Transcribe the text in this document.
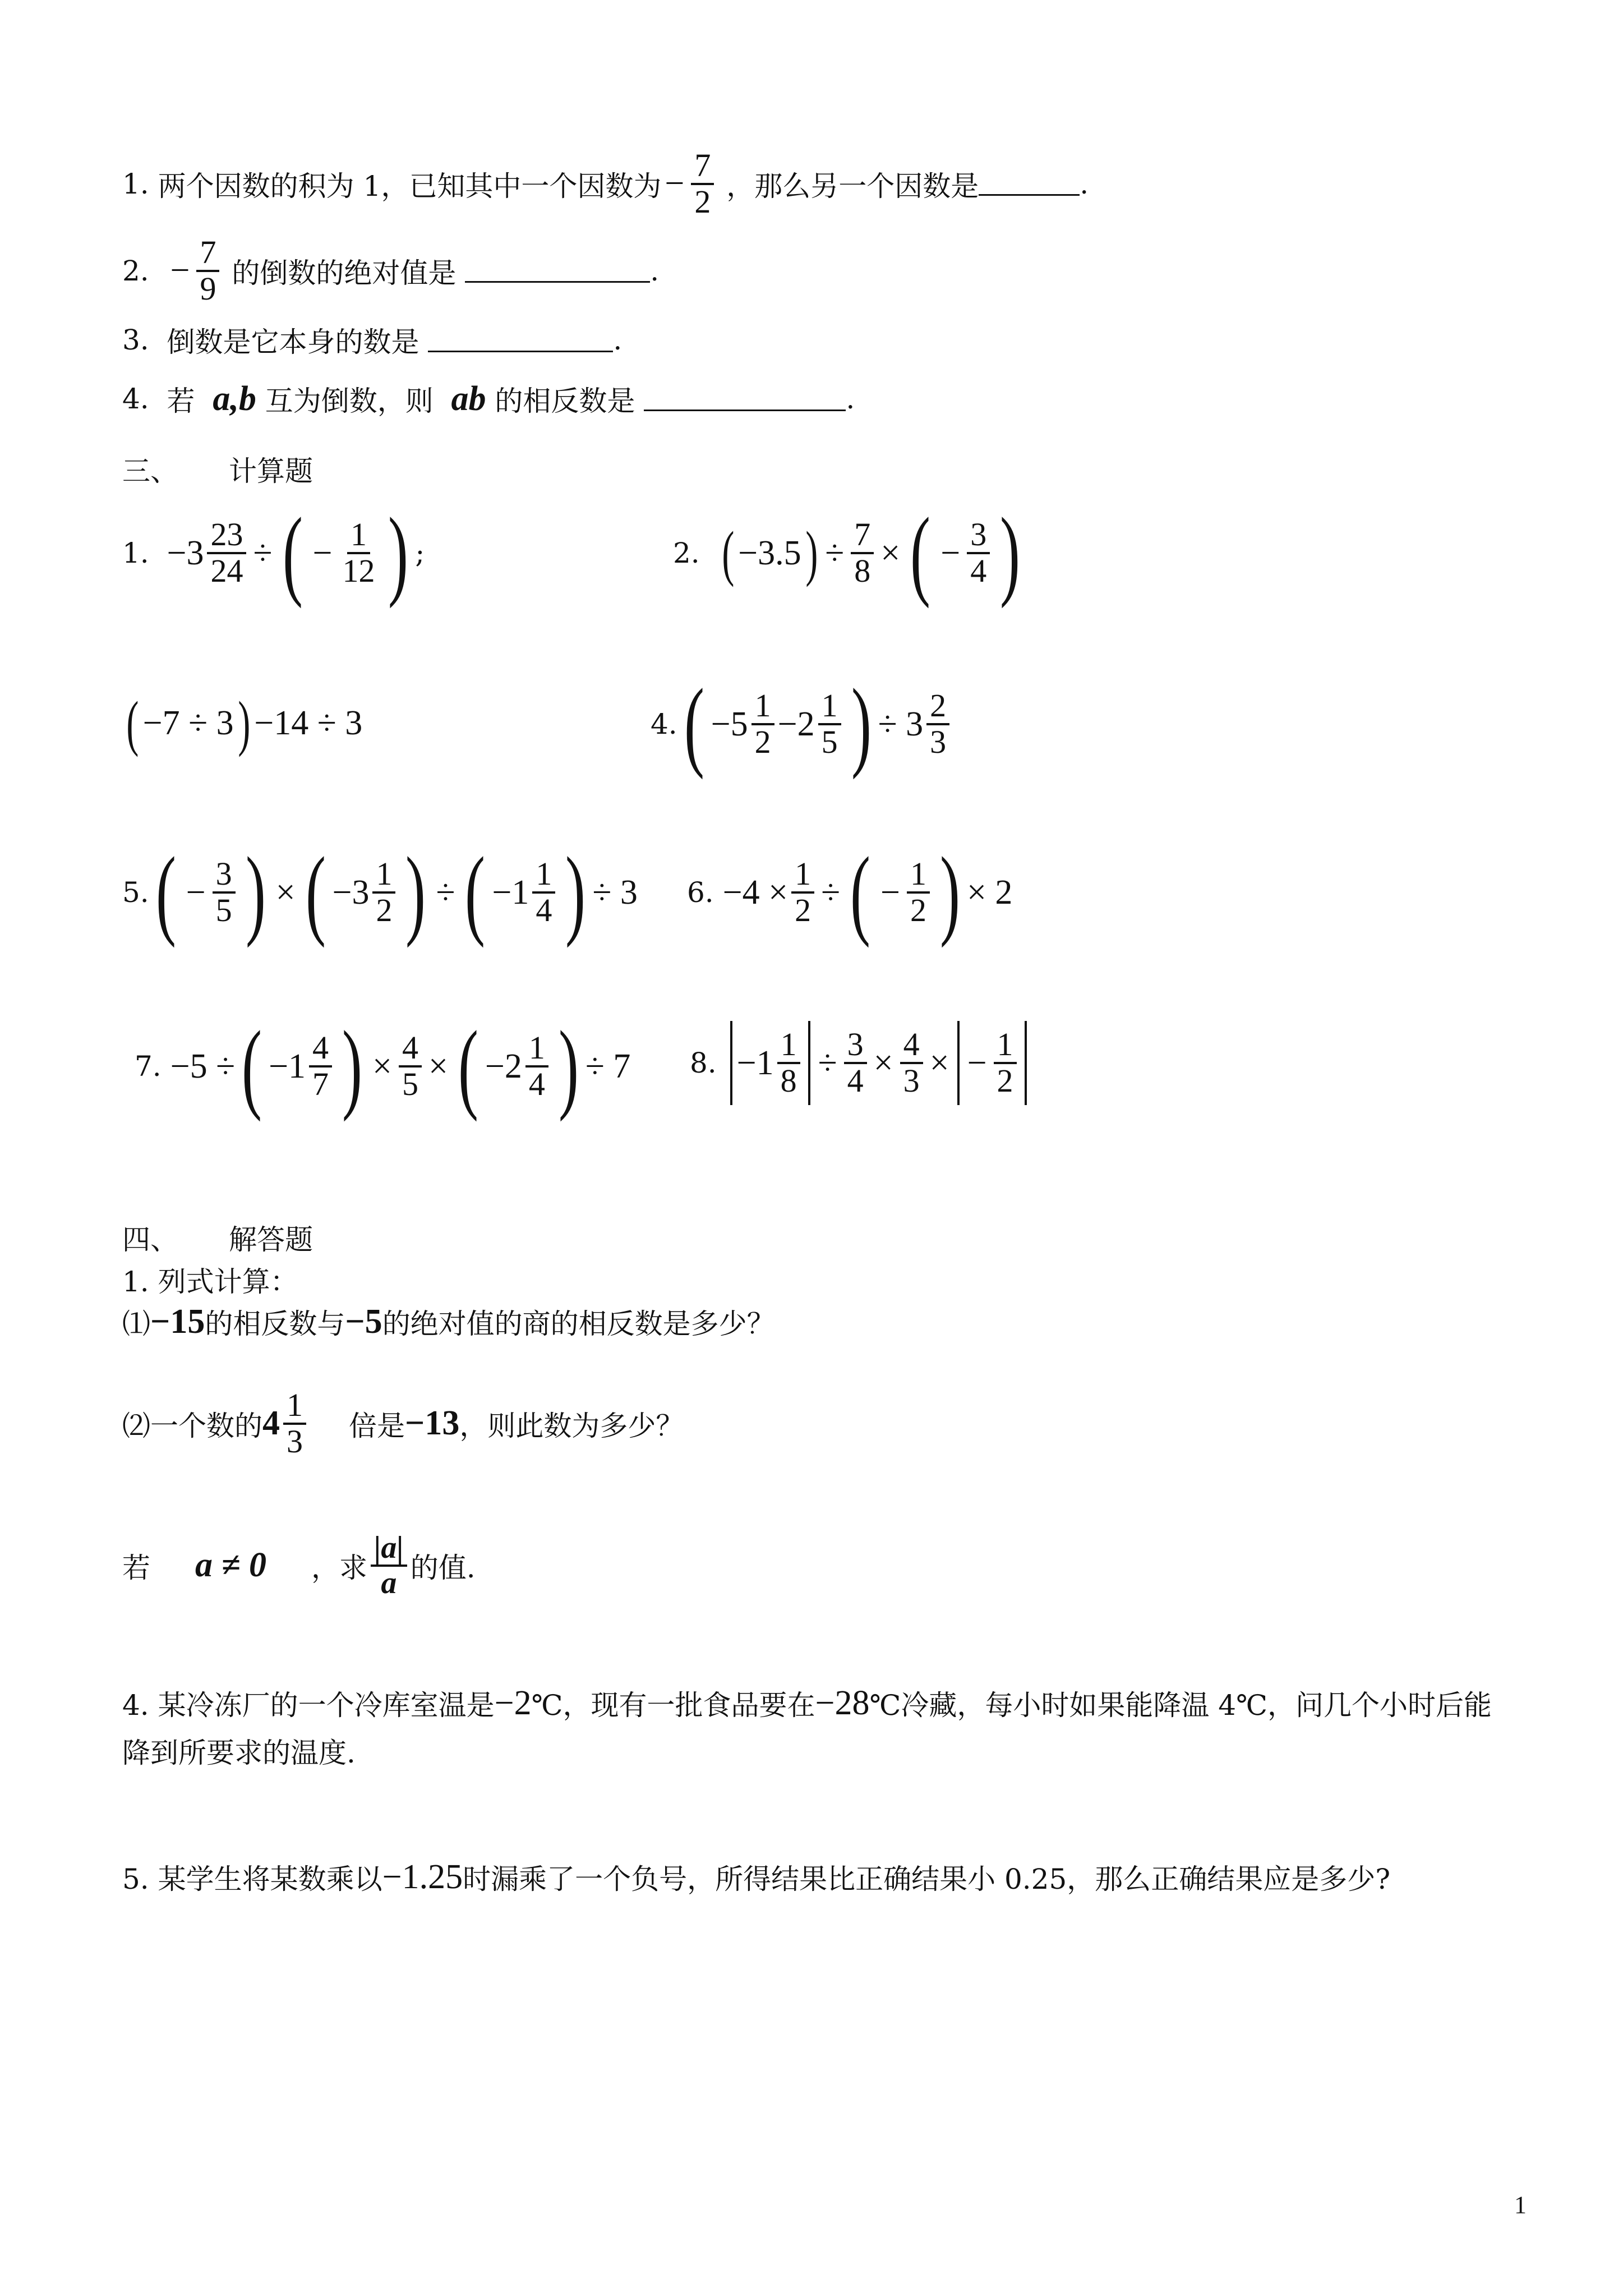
1.
两个因数的积为 1，已知其中一个因数为 − $\frac{7}{2}$
，那么另一个因数是	.
2.
− $\frac{7}{9}$
的倒数的绝对值是
	.
3.
倒数是它本身的数是
	.
4.
若
a,b
互为倒数，则
ab
的相反数是
	.
三、 计算题
1.
$-3 \frac{23}{24}$ ÷ ( − $\frac{1}{12}$ ) ;	2.
( −3.5 ) ÷ $\frac{7}{8}$ × ( − $\frac{3}{4}$ )
( −7 ÷ 3 ) −14 ÷ 3	4. ( −5 1
2 −2 1
5 ) ÷ 3 2
3
5. ( − $\frac{3}{5}$ ) × ( −3 1
2 ) ÷ ( −1 1
4 ) ÷ 3 6.
$-4 \times \frac{1}{2}$ ÷ ( − $\frac{1}{2}$ ) × 2
7.
−5 ÷ ( −1 4
7 ) × $\frac{4}{5}$ × ( −2 1
4 ) ÷ 7 8.
−1 1
$8 \div \frac{3}{4} \times \frac{4}{3}$ × − $\frac{1}{2}$
四、 解答题
1. 列式计算：
⑴ −15 的相反数与 −5 的绝对值的商的相反数是多少？
⑵一个数的 4 1
3 倍是 −13 ，则此数为多少？
若 a ≠ 0 ，求
|a|
a 的值.
4. 某冷冻厂的一个冷库室温是 −2 ℃，现有一批食品要在 −28 ℃冷藏，每小时如果能降温 4℃，问几个小时后能
降到所要求的温度.
5. 某学生将某数乘以 −1.25 时漏乘了一个负号，所得结果比正确结果小 0.25，那么正确结果应是多少?
1
